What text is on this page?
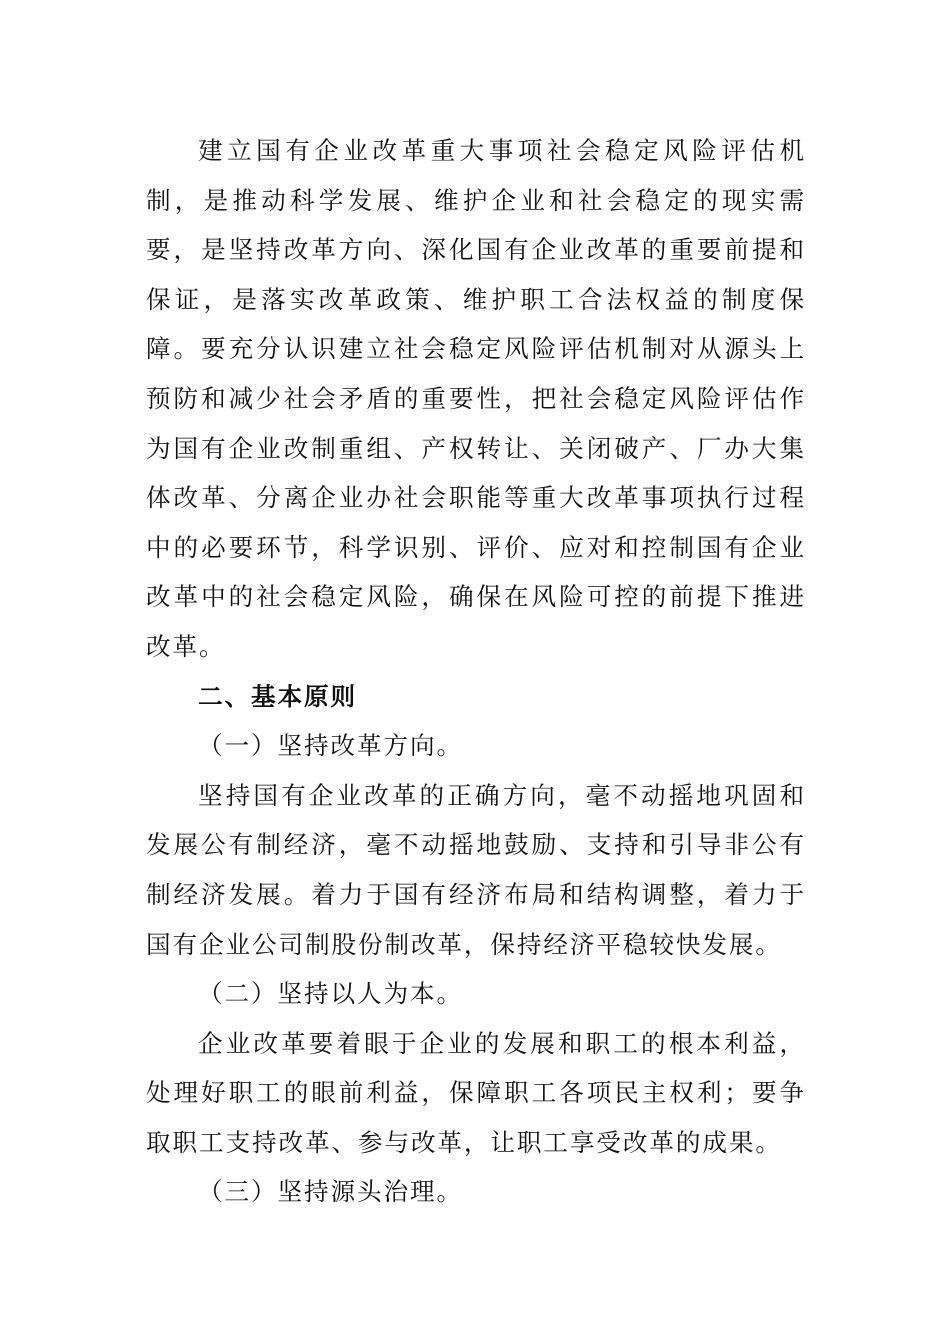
建立国有企业改革重大事项社会稳定风险评估机制，是推动科学发展、维护企业和社会稳定的现实需要，是坚持改革方向、深化国有企业改革的重要前提和保证，是落实改革政策、维护职工合法权益的制度保障。要充分认识建立社会稳定风险评估机制对从源头上预防和减少社会矛盾的重要性，把社会稳定风险评估作为国有企业改制重组、产权转让、关闭破产、厂办大集体改革、分离企业办社会职能等重大改革事项执行过程中的必要环节，科学识别、评价、应对和控制国有企业改革中的社会稳定风险，确保在风险可控的前提下推进改革。

二、基本原则

（一）坚持改革方向。

坚持国有企业改革的正确方向，毫不动摇地巩固和发展公有制经济，毫不动摇地鼓励、支持和引导非公有制经济发展。着力于国有经济布局和结构调整，着力于国有企业公司制股份制改革，保持经济平稳较快发展。

（二）坚持以人为本。

企业改革要着眼于企业的发展和职工的根本利益，处理好职工的眼前利益，保障职工各项民主权利；要争取职工支持改革、参与改革，让职工享受改革的成果。

（三）坚持源头治理。
